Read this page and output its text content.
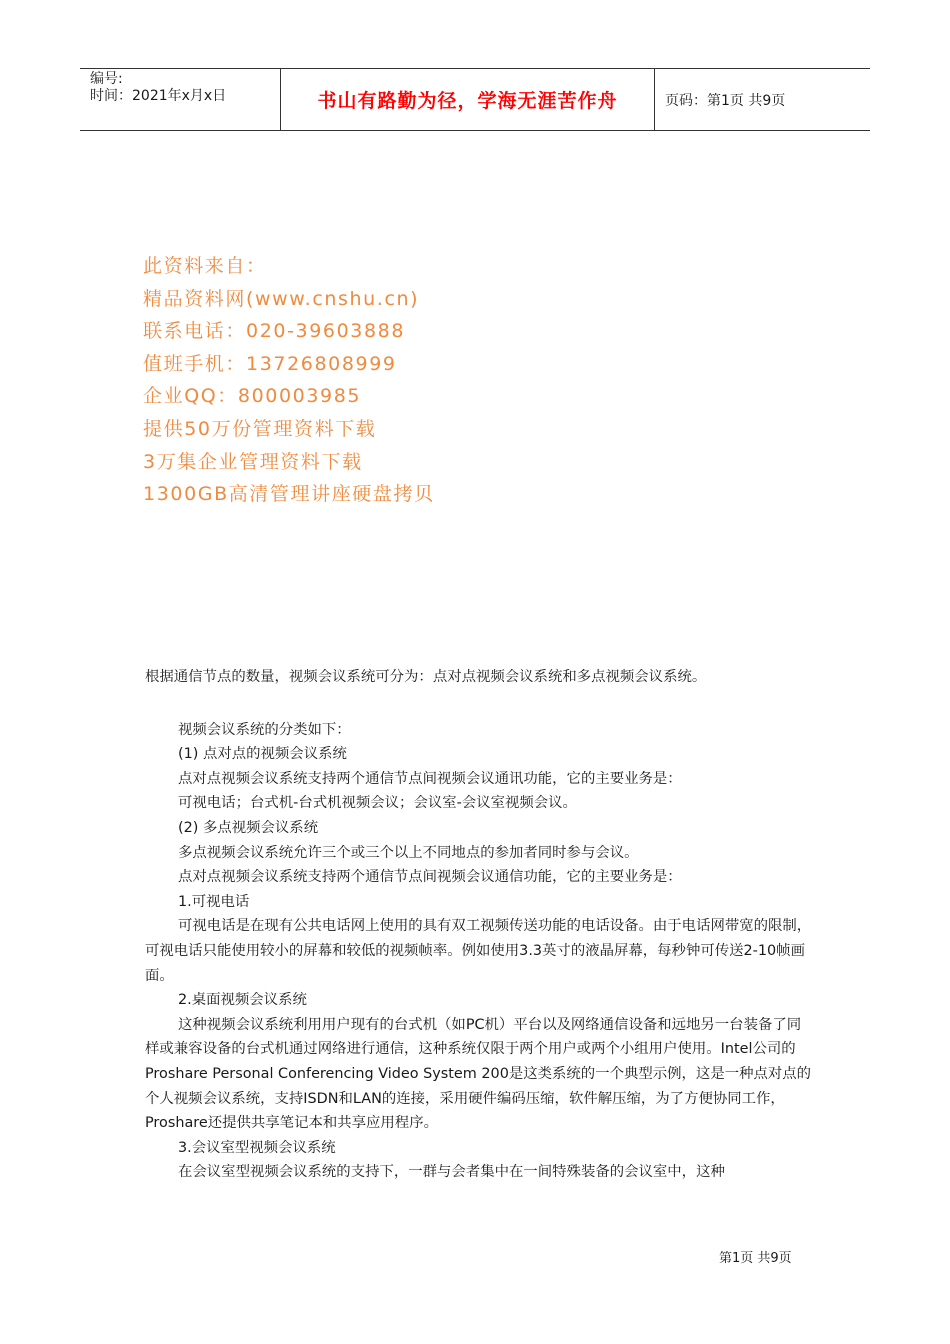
编号:
时间：2021年x月x日	书山有路勤为径，学海无涯苦作舟	页码：第1页 共9页
此资料来自：
精品资料网(www.cnshu.cn)
联系电话：020-39603888
值班手机：13726808999
企业QQ：800003985
提供50万份管理资料下载
3万集企业管理资料下载
1300GB高清管理讲座硬盘拷贝

根据通信节点的数量，视频会议系统可分为：点对点视频会议系统和多点视频会议系统。

视频会议系统的分类如下：

(1) 点对点的视频会议系统

点对点视频会议系统支持两个通信节点间视频会议通讯功能，它的主要业务是：

可视电话；台式机-台式机视频会议；会议室-会议室视频会议。

(2) 多点视频会议系统

多点视频会议系统允许三个或三个以上不同地点的参加者同时参与会议。

点对点视频会议系统支持两个通信节点间视频会议通信功能，它的主要业务是：

1.可视电话

可视电话是在现有公共电话网上使用的具有双工视频传送功能的电话设备。由于电话网带宽的限制，可视电话只能使用较小的屏幕和较低的视频帧率。例如使用3.3英寸的液晶屏幕，每秒钟可传送2-10帧画面。

2.桌面视频会议系统

这种视频会议系统利用用户现有的台式机（如PC机）平台以及网络通信设备和远地另一台装备了同样或兼容设备的台式机通过网络进行通信，这种系统仅限于两个用户或两个小组用户使用。Intel公司的Proshare Personal Conferencing Video System 200是这类系统的一个典型示例，这是一种点对点的个人视频会议系统，支持ISDN和LAN的连接，采用硬件编码压缩，软件解压缩，为了方便协同工作，Proshare还提供共享笔记本和共享应用程序。

3.会议室型视频会议系统

在会议室型视频会议系统的支持下，一群与会者集中在一间特殊装备的会议室中，这种

第1页 共9页
